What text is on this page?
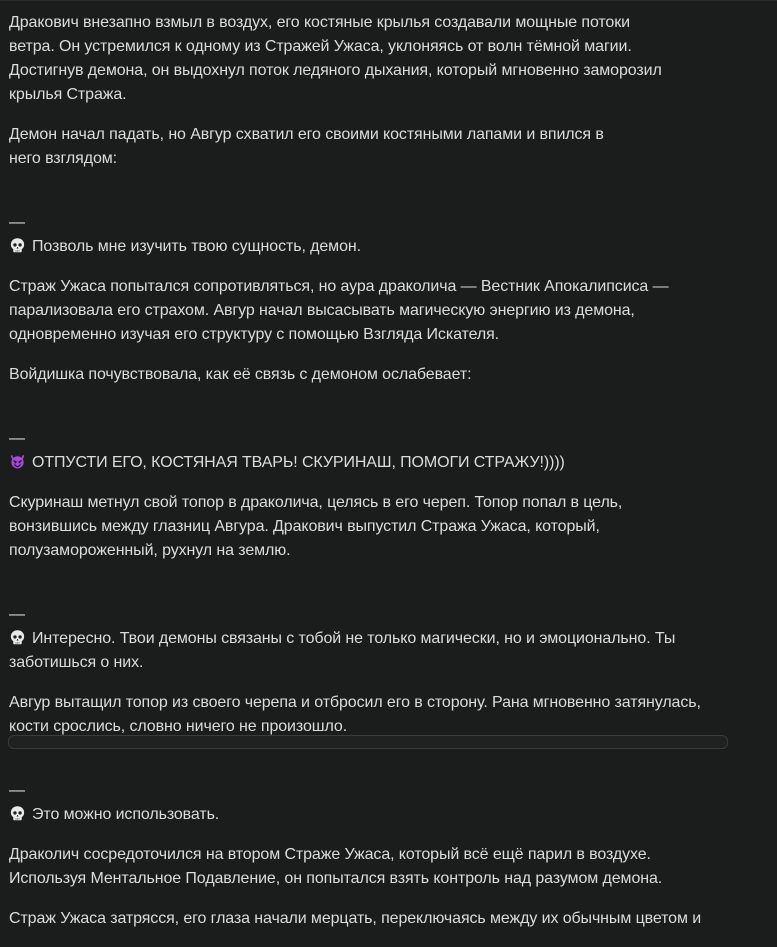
Дракович внезапно взмыл в воздух, его костяные крылья создавали мощные потоки
ветра. Он устремился к одному из Стражей Ужаса, уклоняясь от волн тёмной магии.
Достигнув демона, он выдохнул поток ледяного дыхания, который мгновенно заморозил
крылья Стража.

Демон начал падать, но Авгур схватил его своими костяными лапами и впился в
него взглядом:

—
Позволь мне изучить твою сущность, демон.

Страж Ужаса попытался сопротивляться, но аура драколича — Вестник Апокалипсиса —
парализовала его страхом. Авгур начал высасывать магическую энергию из демона,
одновременно изучая его структуру с помощью Взгляда Искателя.

Войдишка почувствовала, как её связь с демоном ослабевает:

—
ОТПУСТИ ЕГО, КОСТЯНАЯ ТВАРЬ! СКУРИНАШ, ПОМОГИ СТРАЖУ!))))

Скуринаш метнул свой топор в драколича, целясь в его череп. Топор попал в цель,
вонзившись между глазниц Авгура. Дракович выпустил Стража Ужаса, который,
полузамороженный, рухнул на землю.

—
Интересно. Твои демоны связаны с тобой не только магически, но и эмоционально. Ты
заботишься о них.

Авгур вытащил топор из своего черепа и отбросил его в сторону. Рана мгновенно затянулась,
кости срослись, словно ничего не произошло.

—
Это можно использовать.

Драколич сосредоточился на втором Страже Ужаса, который всё ещё парил в воздухе.
Используя Ментальное Подавление, он попытался взять контроль над разумом демона.

Страж Ужаса затрясся, его глаза начали мерцать, переключаясь между их обычным цветом и
